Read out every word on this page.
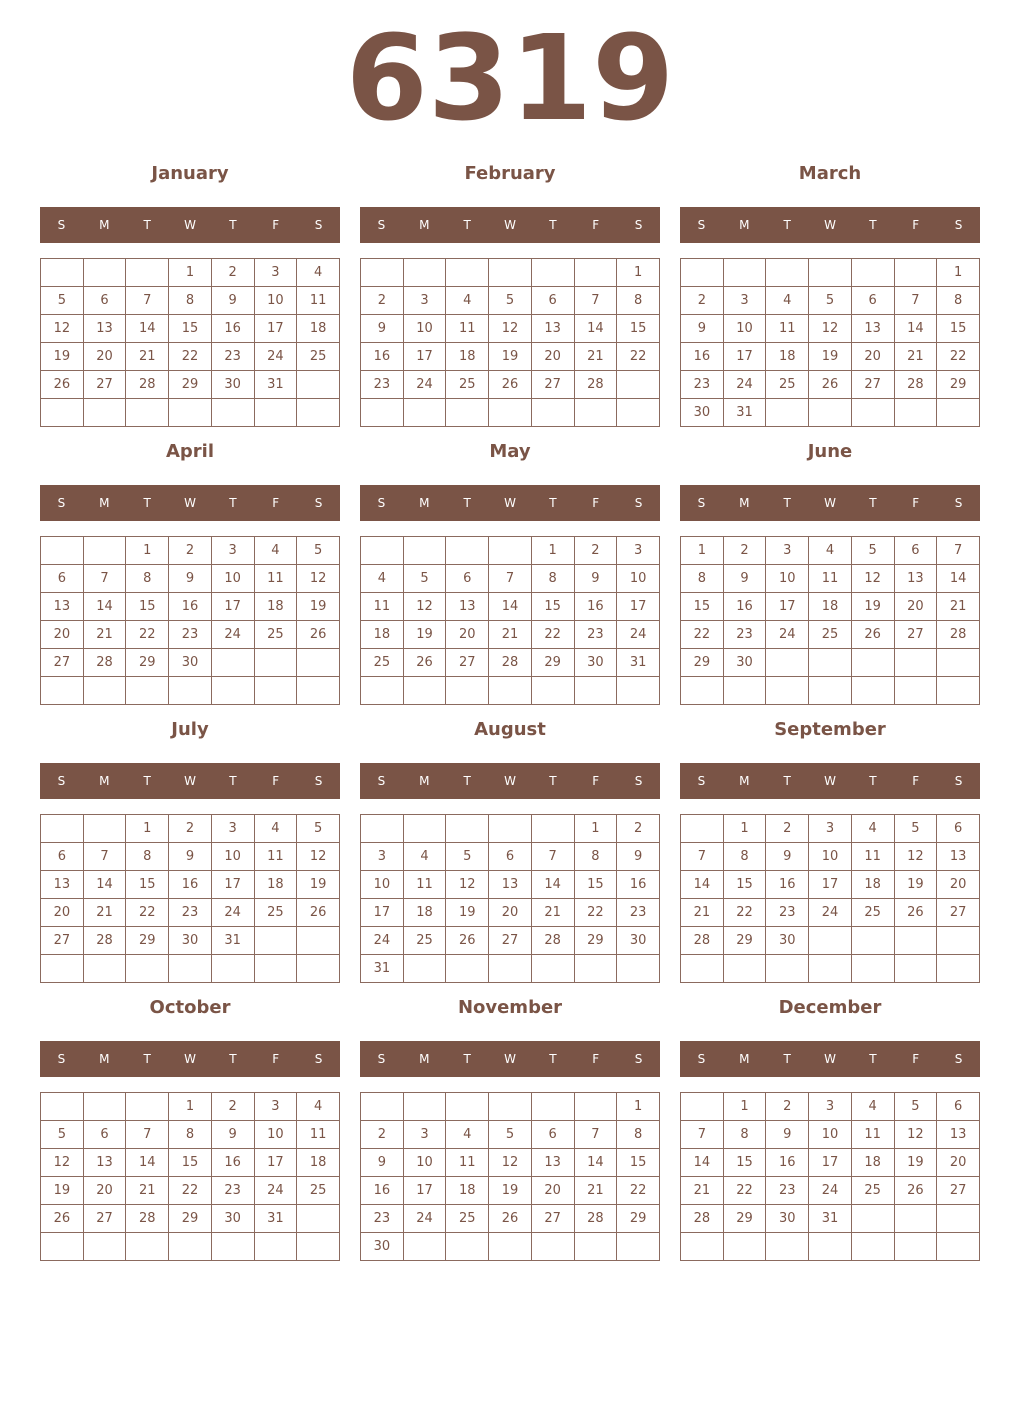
6319
January
S	M	T	W	T	F	S
			1	2	3	4
5	6	7	8	9	10	11
12	13	14	15	16	17	18
19	20	21	22	23	24	25
26	27	28	29	30	31	

February
S	M	T	W	T	F	S
						1
2	3	4	5	6	7	8
9	10	11	12	13	14	15
16	17	18	19	20	21	22
23	24	25	26	27	28	

March
S	M	T	W	T	F	S
						1
2	3	4	5	6	7	8
9	10	11	12	13	14	15
16	17	18	19	20	21	22
23	24	25	26	27	28	29
30	31					
April
S	M	T	W	T	F	S
		1	2	3	4	5
6	7	8	9	10	11	12
13	14	15	16	17	18	19
20	21	22	23	24	25	26
27	28	29	30			

May
S	M	T	W	T	F	S
				1	2	3
4	5	6	7	8	9	10
11	12	13	14	15	16	17
18	19	20	21	22	23	24
25	26	27	28	29	30	31

June
S	M	T	W	T	F	S
1	2	3	4	5	6	7
8	9	10	11	12	13	14
15	16	17	18	19	20	21
22	23	24	25	26	27	28
29	30					

July
S	M	T	W	T	F	S
		1	2	3	4	5
6	7	8	9	10	11	12
13	14	15	16	17	18	19
20	21	22	23	24	25	26
27	28	29	30	31		

August
S	M	T	W	T	F	S
					1	2
3	4	5	6	7	8	9
10	11	12	13	14	15	16
17	18	19	20	21	22	23
24	25	26	27	28	29	30
31						
September
S	M	T	W	T	F	S
	1	2	3	4	5	6
7	8	9	10	11	12	13
14	15	16	17	18	19	20
21	22	23	24	25	26	27
28	29	30				

October
S	M	T	W	T	F	S
			1	2	3	4
5	6	7	8	9	10	11
12	13	14	15	16	17	18
19	20	21	22	23	24	25
26	27	28	29	30	31	

November
S	M	T	W	T	F	S
						1
2	3	4	5	6	7	8
9	10	11	12	13	14	15
16	17	18	19	20	21	22
23	24	25	26	27	28	29
30						
December
S	M	T	W	T	F	S
	1	2	3	4	5	6
7	8	9	10	11	12	13
14	15	16	17	18	19	20
21	22	23	24	25	26	27
28	29	30	31			
